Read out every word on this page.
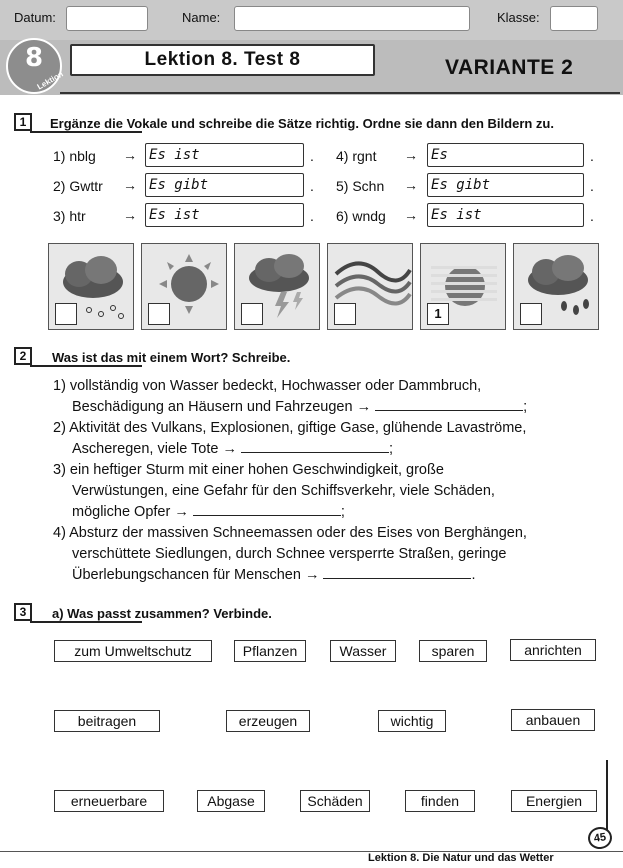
Datum:	Name:	Klasse:
8
Lektion
Lektion 8. Test 8	VARIANTE 2
1	Ergänze die Vokale und schreibe die Sätze richtig. Ordne sie dann den Bildern zu.
1) nblg → Es ist	.
2) Gwttr → Es gibt	.
3) htr	→ Es ist	.
4) rgnt → Es	.
5) Schn → Es gibt	.
6) wndg → Es ist	.
1
2	Was ist das mit einem Wort? Schreibe.
1) vollständig von Wasser bedeckt, Hochwasser oder Dammbruch,
Beschädigung an Häusern und Fahrzeugen →	;
2) Aktivität des Vulkans, Explosionen, giftige Gase, glühende Lavaströme,
Ascheregen, viele Tote →	;
3) ein heftiger Sturm mit einer hohen Geschwindigkeit, große
Verwüstungen, eine Gefahr für den Schiffsverkehr, viele Schäden,
mögliche Opfer →	;
4) Absturz der massiven Schneemassen oder des Eises von Berghängen,
verschüttete Siedlungen, durch Schnee versperrte Straßen, geringe
Überlebungschancen für Menschen →	.
3	a) Was passt zusammen? Verbinde.
zum Umweltschutz	Pflanzen	Wasser	sparen	anrichten
beitragen	erzeugen	wichtig	anbauen
erneuerbare	Abgase	Schäden	finden	Energien
45
Lektion 8. Die Natur und das Wetter
